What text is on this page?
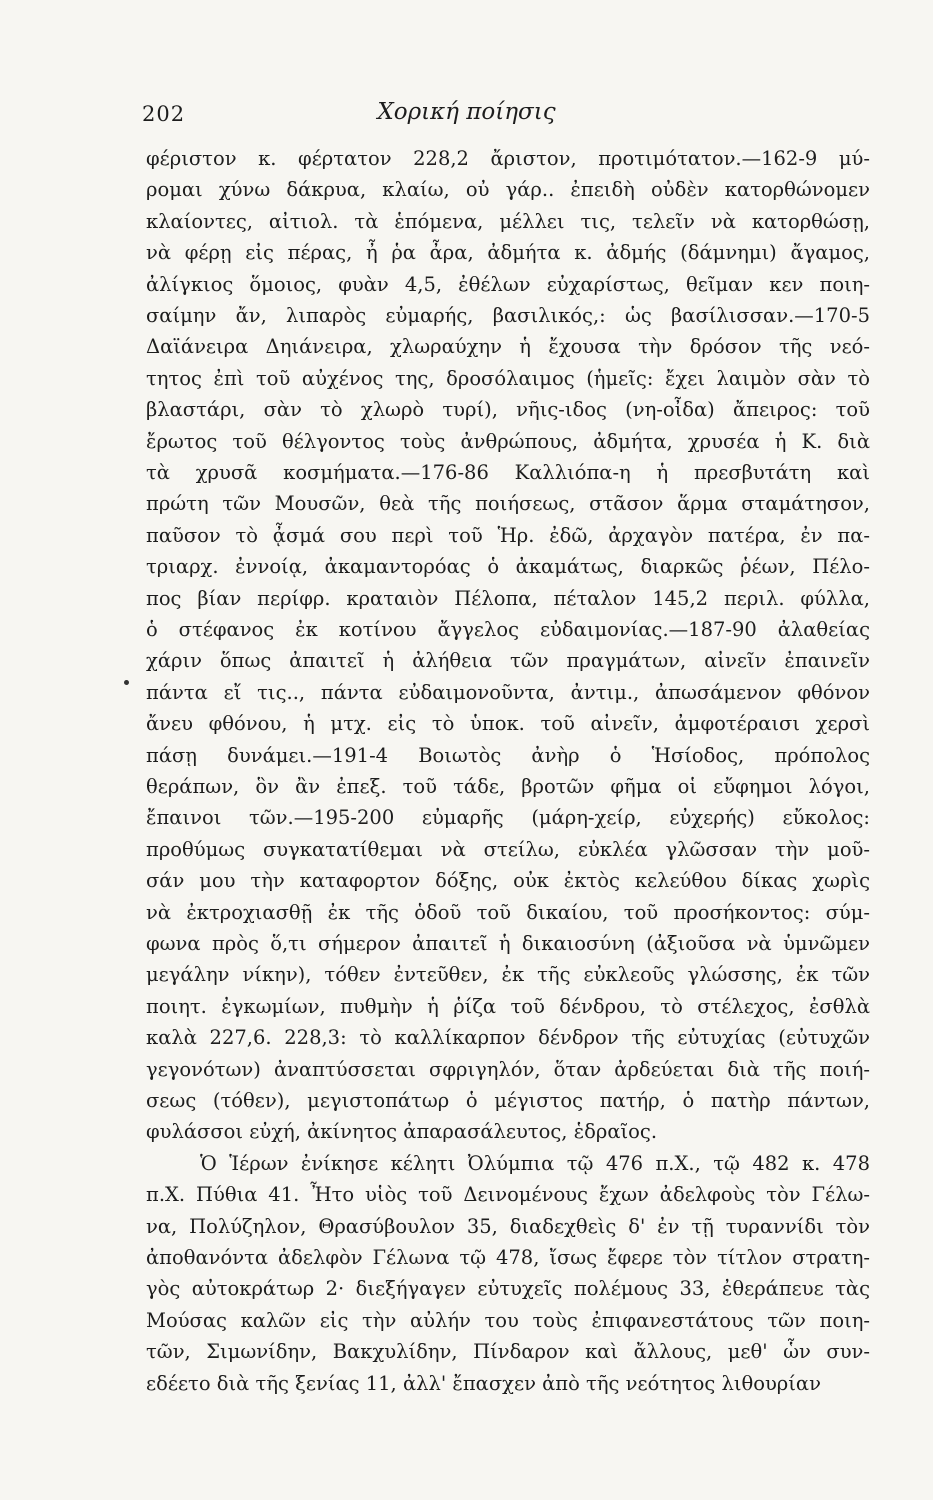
202	Χορική ποίησις
φέριστον κ. φέρτατον 228,2 ἄριστον, προτιμότατον.—162-9 μύ-
ρομαι χύνω δάκρυα, κλαίω, οὐ γάρ.. ἐπειδὴ οὐδὲν κατορθώνομεν
κλαίοντες, αἰτιολ. τὰ ἑπόμενα, μέλλει τις, τελεῖν νὰ κατορθώσῃ,
νὰ φέρῃ εἰς πέρας, ἦ ῥα ἆρα, ἀδμήτα κ. ἀδμής (δάμνημι) ἄγαμος,
ἀλίγκιος ὅμοιος, φυὰν 4,5, ἐθέλων εὐχαρίστως, θεῖμαν κεν ποιη-
σαίμην ἄν, λιπαρὸς εὐμαρής, βασιλικός,: ὡς βασίλισσαν.—170-5
Δαϊάνειρα Δηιάνειρα, χλωραύχην ἡ ἔχουσα τὴν δρόσον τῆς νεό-
τητος ἐπὶ τοῦ αὐχένος της, δροσόλαιμος (ἡμεῖς: ἔχει λαιμὸν σὰν τὸ
βλαστάρι, σὰν τὸ χλωρὸ τυρί), νῆις-ιδος (νη-οἶδα) ἄπειρος: τοῦ
ἔρωτος τοῦ θέλγοντος τοὺς ἀνθρώπους, ἀδμήτα, χρυσέα ἡ Κ. διὰ
τὰ χρυσᾶ κοσμήματα.—176-86 Καλλιόπα-η ἡ πρεσβυτάτη καὶ
πρώτη τῶν Μουσῶν, θεὰ τῆς ποιήσεως, στᾶσον ἅρμα σταμάτησον,
παῦσον τὸ ᾆσμά σου περὶ τοῦ Ἡρ. ἐδῶ, ἀρχαγὸν πατέρα, ἐν πα-
τριαρχ. ἐννοίᾳ, ἀκαμαντορόας ὁ ἀκαμάτως, διαρκῶς ῥέων, Πέλο-
πος βίαν περίφρ. κραταιὸν Πέλοπα, πέταλον 145,2 περιλ. φύλλα,
ὁ στέφανος ἐκ κοτίνου ἄγγελος εὐδαιμονίας.—187-90 ἀλαθείας
χάριν ὅπως ἀπαιτεῖ ἡ ἀλήθεια τῶν πραγμάτων, αἰνεῖν ἐπαινεῖν
πάντα εἴ τις.., πάντα εὐδαιμονοῦντα, ἀντιμ., ἀπωσάμενον φθόνον
ἄνευ φθόνου, ἡ μτχ. εἰς τὸ ὑποκ. τοῦ αἰνεῖν, ἀμφοτέραισι χερσὶ
πάσῃ δυνάμει.—191-4 Βοιωτὸς ἀνὴρ ὁ Ἡσίοδος, πρόπολος
θεράπων, ὃν ἂν ἐπεξ. τοῦ τάδε, βροτῶν φῆμα οἱ εὔφημοι λόγοι,
ἔπαινοι τῶν.—195-200 εὐμαρῆς (μάρη-χείρ, εὐχερής) εὔκολος:
προθύμως συγκατατίθεμαι νὰ στείλω, εὐκλέα γλῶσσαν τὴν μοῦ-
σάν μου τὴν καταφορτον δόξης, οὐκ ἐκτὸς κελεύθου δίκας χωρὶς
νὰ ἐκτροχιασθῇ ἐκ τῆς ὁδοῦ τοῦ δικαίου, τοῦ προσήκοντος: σύμ-
φωνα πρὸς ὅ,τι σήμερον ἀπαιτεῖ ἡ δικαιοσύνη (ἀξιοῦσα νὰ ὑμνῶμεν
μεγάλην νίκην), τόθεν ἐντεῦθεν, ἐκ τῆς εὐκλεοῦς γλώσσης, ἐκ τῶν
ποιητ. ἐγκωμίων, πυθμὴν ἡ ῥίζα τοῦ δένδρου, τὸ στέλεχος, ἐσθλὰ
καλὰ 227,6. 228,3: τὸ καλλίκαρπον δένδρον τῆς εὐτυχίας (εὐτυχῶν
γεγονότων) ἀναπτύσσεται σφριγηλόν, ὅταν ἀρδεύεται διὰ τῆς ποιή-
σεως (τόθεν), μεγιστοπάτωρ ὁ μέγιστος πατήρ, ὁ πατὴρ πάντων,
φυλάσσοι εὐχή, ἀκίνητος ἀπαρασάλευτος, ἑδραῖος.
Ὁ Ἱέρων ἐνίκησε κέλητι Ὀλύμπια τῷ 476 π.Χ., τῷ 482 κ. 478
π.Χ. Πύθια 41. Ἦτο υἱὸς τοῦ Δεινομένους ἔχων ἀδελφοὺς τὸν Γέλω-
να, Πολύζηλον, Θρασύβουλον 35, διαδεχθεὶς δ' ἐν τῇ τυραννίδι τὸν
ἀποθανόντα ἀδελφὸν Γέλωνα τῷ 478, ἴσως ἔφερε τὸν τίτλον στρατη-
γὸς αὐτοκράτωρ 2· διεξήγαγεν εὐτυχεῖς πολέμους 33, ἐθεράπευε τὰς
Μούσας καλῶν εἰς τὴν αὐλήν του τοὺς ἐπιφανεστάτους τῶν ποιη-
τῶν, Σιμωνίδην, Βακχυλίδην, Πίνδαρον καὶ ἄλλους, μεθ' ὧν συν-
εδέετο διὰ τῆς ξενίας 11, ἀλλ' ἔπασχεν ἀπὸ τῆς νεότητος λιθουρίαν
